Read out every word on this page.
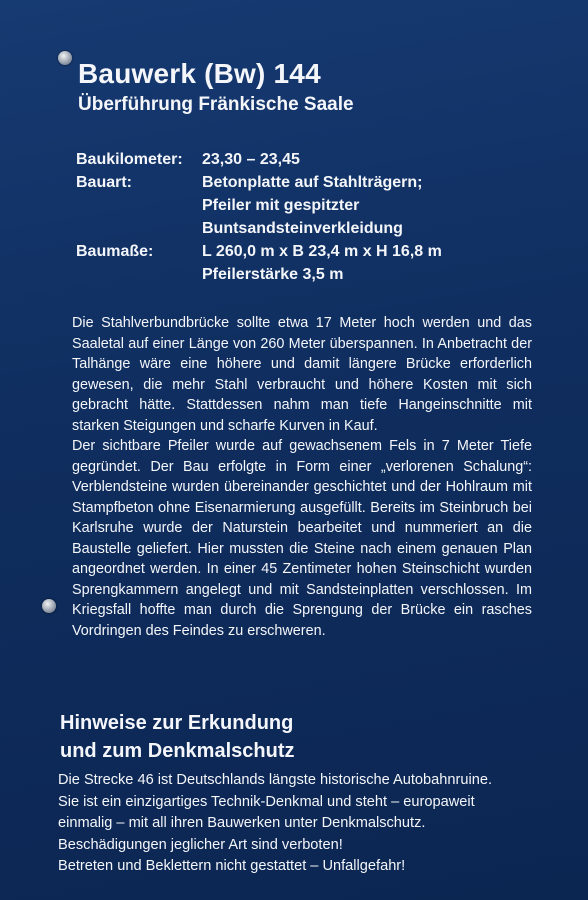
Bauwerk (Bw) 144
Überführung Fränkische Saale
Baukilometer:	23,30 – 23,45
Bauart:	Betonplatte auf Stahlträgern;
Pfeiler mit gespitzter
Buntsandsteinverkleidung
Baumaße:	L 260,0 m x B 23,4 m x H 16,8 m
Pfeilerstärke 3,5 m

Die Stahlverbundbrücke sollte etwa 17 Meter hoch werden und das Saaletal auf einer Länge von 260 Meter überspannen. In Anbetracht der Talhänge wäre eine höhere und damit längere Brücke erforderlich gewesen, die mehr Stahl verbraucht und höhere Kosten mit sich gebracht hätte. Stattdessen nahm man tiefe Hangeinschnitte mit starken Steigungen und scharfe Kurven in Kauf.

Der sichtbare Pfeiler wurde auf gewachsenem Fels in 7 Meter Tiefe gegründet. Der Bau erfolgte in Form einer „verlorenen Schalung“: Verblendsteine wurden übereinander geschichtet und der Hohlraum mit Stampfbeton ohne Eisenarmierung ausgefüllt. Bereits im Steinbruch bei Karlsruhe wurde der Naturstein bearbeitet und nummeriert an die Baustelle geliefert. Hier mussten die Steine nach einem genauen Plan angeordnet werden. In einer 45 Zentimeter hohen Steinschicht wurden Sprengkammern angelegt und mit Sandsteinplatten verschlossen. Im Kriegsfall hoffte man durch die Sprengung der Brücke ein rasches Vordringen des Feindes zu erschweren.

Hinweise zur Erkundung
und zum Denkmalschutz
Die Strecke 46 ist Deutschlands längste historische Autobahnruine.
Sie ist ein einzigartiges Technik-Denkmal und steht – europaweit
einmalig – mit all ihren Bauwerken unter Denkmalschutz.
Beschädigungen jeglicher Art sind verboten!
Betreten und Beklettern nicht gestattet – Unfallgefahr!
